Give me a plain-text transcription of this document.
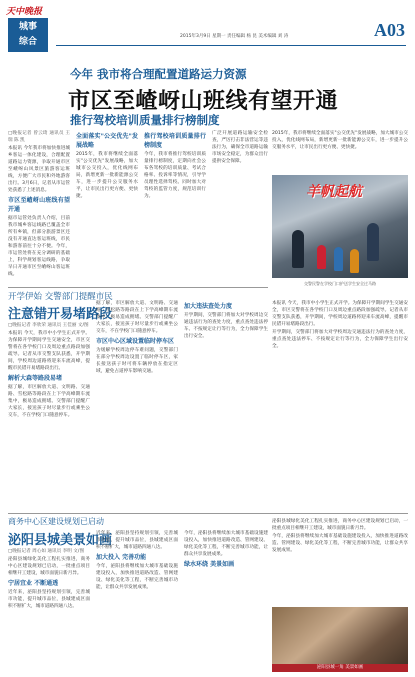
天中晚报
城事
综合
2015年3月9日 星期一 责任编辑 杨 昆 美术编辑 刘 涛	A03
今年 我市将合理配置道路运力资源
市区至嵖岈山班线有望开通
推行驾校培训质量排行榜制度

□晚报记者 曾云琦 通讯员 王 瑞 陈 凯

本报讯 今年我市将加快推进城乡客运一体化建设，合理配置道路运力资源，争取开通市区至嵖岈山风景区旅游客运班线，方便广大市民和外地游客出行。3月6日，记者从市运管处获悉了上述消息。

市区至嵖岈山班线有望开通

据市运管处负责人介绍，目前我市城乡客运线路已覆盖全市所有乡镇，但部分旅游景区还没有开通直达客运班线，市民和游客前往十分不便。今年，市运管处将在充分调研的基础上，科学规划客运线路，争取早日开通市区至嵖岈山客运班线。

全面落实"公交优先"发展战略

2015年，我市将继续全面落实"公交优先"发展战略，加大城市公交投入，优化线网布局，新增更新一批新能源公交车，进一步提升公交服务水平，让市民出行更方便、更快捷。

推行驾校培训质量排行榜制度

今年，我市将推行驾校培训质量排行榜制度，定期向社会公布各驾校的培训质量、考试合格率、投诉率等情况，引导学员理性选择驾校。同时加大对驾校的监管力度，规范培训行为。

广泛开展道路运输安全检查，严厉打击非法营运等违法行为，确保全市道路运输市场安全稳定，为群众出行提供安全保障。

2015年，我市将继续全面落实"公交优先"发展战略，加大城市公交投入，优化线网布局，新增更新一批新能源公交车，进一步提升公交服务水平，让市民出行更方便、更快捷。

羊帆起航
交警民警在学校门口护送学生安全过马路
开学伊始 交警部门提醒市民
注意错开易堵路段

□晚报记者 李欣荣 通讯员 王佳丽 文/图

本报讯 今天，我市中小学生正式开学。为保障开学期间学生交通安全，市区交警将在各学校门口及周边重点路段加强疏导。记者从市交警支队获悉，开学期间，学校周边道路将迎来车流高峰，提醒市民错开易堵路段出行。

解析大森等路段易堵

据了解，市区解放大道、文明路、交通路、雪松路等路段在上下学高峰期车流集中，极易造成拥堵。交警部门提醒广大家长，接送孩子时尽量步行或乘坐公交车，不在学校门口随意停车。

据了解，市区解放大道、文明路、交通路、雪松路等路段在上下学高峰期车流集中，极易造成拥堵。交警部门提醒广大家长，接送孩子时尽量步行或乘坐公交车，不在学校门口随意停车。

市区中心区域设置临时停车区

为缓解学校周边停车难问题，交警部门在部分学校周边设置了临时停车区，家长接送孩子时可将车辆停放在指定区域，避免占道停车影响交通。

加大违法查处力度

开学期间，交警部门将加大对学校周边交通违法行为的查处力度，重点查处违法停车、不按规定让行等行为，全力保障学生出行安全。

本报讯 今天，我市中小学生正式开学。为保障开学期间学生交通安全，市区交警将在各学校门口及周边重点路段加强疏导。记者从市交警支队获悉，开学期间，学校周边道路将迎来车流高峰，提醒市民错开易堵路段出行。

开学期间，交警部门将加大对学校周边交通违法行为的查处力度，重点查处违法停车、不按规定让行等行为，全力保障学生出行安全。

商务中心区建设规划已启动
泌阳县城美景如画

□晚报记者 周心如 通讯员 李明 文/图

泌阳县城绿化美化工程扎实推进，商务中心区建设规划已启动，一批重点项目相继开工建设，城市面貌日新月异。

宁居宜业 不断通透

近年来，泌阳县坚持规划引领，完善城市功能，提升城市品位，县城建成区面积不断扩大，城市道路四通八达。

近年来，泌阳县坚持规划引领，完善城市功能，提升城市品位，县城建成区面积不断扩大，城市道路四通八达。

加大投入 完善功能

今年，泌阳县将继续加大城市基础设施建设投入，加快推进道路改造、管网建设、绿化美化等工程，不断完善城市功能，让群众共享发展成果。

今年，泌阳县将继续加大城市基础设施建设投入，加快推进道路改造、管网建设、绿化美化等工程，不断完善城市功能，让群众共享发展成果。

绿水环绕 美景如画

泌阳县城绿化美化工程扎实推进，商务中心区建设规划已启动，一批重点项目相继开工建设，城市面貌日新月异。

今年，泌阳县将继续加大城市基础设施建设投入，加快推进道路改造、管网建设、绿化美化等工程，不断完善城市功能，让群众共享发展成果。

泌阳县城一角 美景如画
